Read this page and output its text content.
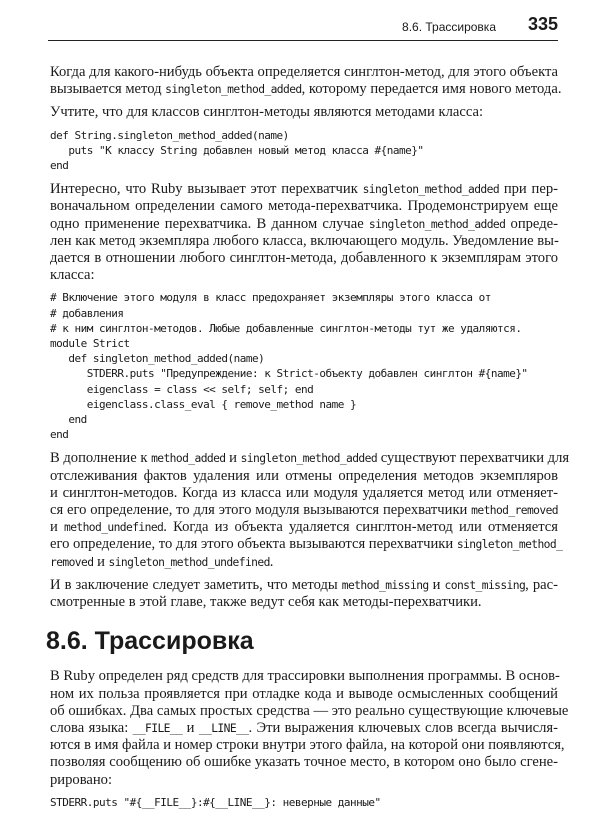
8.6. Трассировка 335
Когда для какого-нибудь объекта определяется синглтон-метод, для этого объекта
вызывается метод singleton_method_added, которому передается имя нового метода.
Учтите, что для классов синглтон-методы являются методами класса:
def String.singleton_method_added(name)
puts "К классу String добавлен новый метод класса #{name}"
end
Интересно, что Ruby вызывает этот перехватчик singleton_method_added при пер-
воначальном определении самого метода-перехватчика. Продемонстрируем еще
одно применение перехватчика. В данном случае singleton_method_added опреде-
лен как метод экземпляра любого класса, включающего модуль. Уведомление вы-
дается в отношении любого синглтон-метода, добавленного к экземплярам этого
класса:
# Включение этого модуля в класс предохраняет экземпляры этого класса от
# добавления
# к ним синглтон-методов. Любые добавленные синглтон-методы тут же удаляются.
module Strict
def singleton_method_added(name)
STDERR.puts "Предупреждение: к Strict-объекту добавлен синглтон #{name}"
eigenclass = class << self; self; end
eigenclass.class_eval { remove_method name }
end
end
В дополнение к method_added и singleton_method_added существуют перехватчики для
отслеживания фактов удаления или отмены определения методов экземпляров
и синглтон-методов. Когда из класса или модуля удаляется метод или отменяет-
ся его определение, то для этого модуля вызываются перехватчики method_removed
и method_undefined. Когда из объекта удаляется синглтон-метод или отменяется
его определение, то для этого объекта вызываются перехватчики singleton_method_
removed и singleton_method_undefined.
И в заключение следует заметить, что методы method_missing и const_missing, рас-
смотренные в этой главе, также ведут себя как методы-перехватчики.
8.6. Трассировка
В Ruby определен ряд средств для трассировки выполнения программы. В основ-
ном их польза проявляется при отладке кода и выводе осмысленных сообщений
об ошибках. Два самых простых средства — это реально существующие ключевые
слова языка: __FILE__ и __LINE__. Эти выражения ключевых слов всегда вычисля-
ются в имя файла и номер строки внутри этого файла, на которой они появляются,
позволяя сообщению об ошибке указать точное место, в котором оно было сгене-
рировано:
STDERR.puts "#{__FILE__}:#{__LINE__}: неверные данные"
